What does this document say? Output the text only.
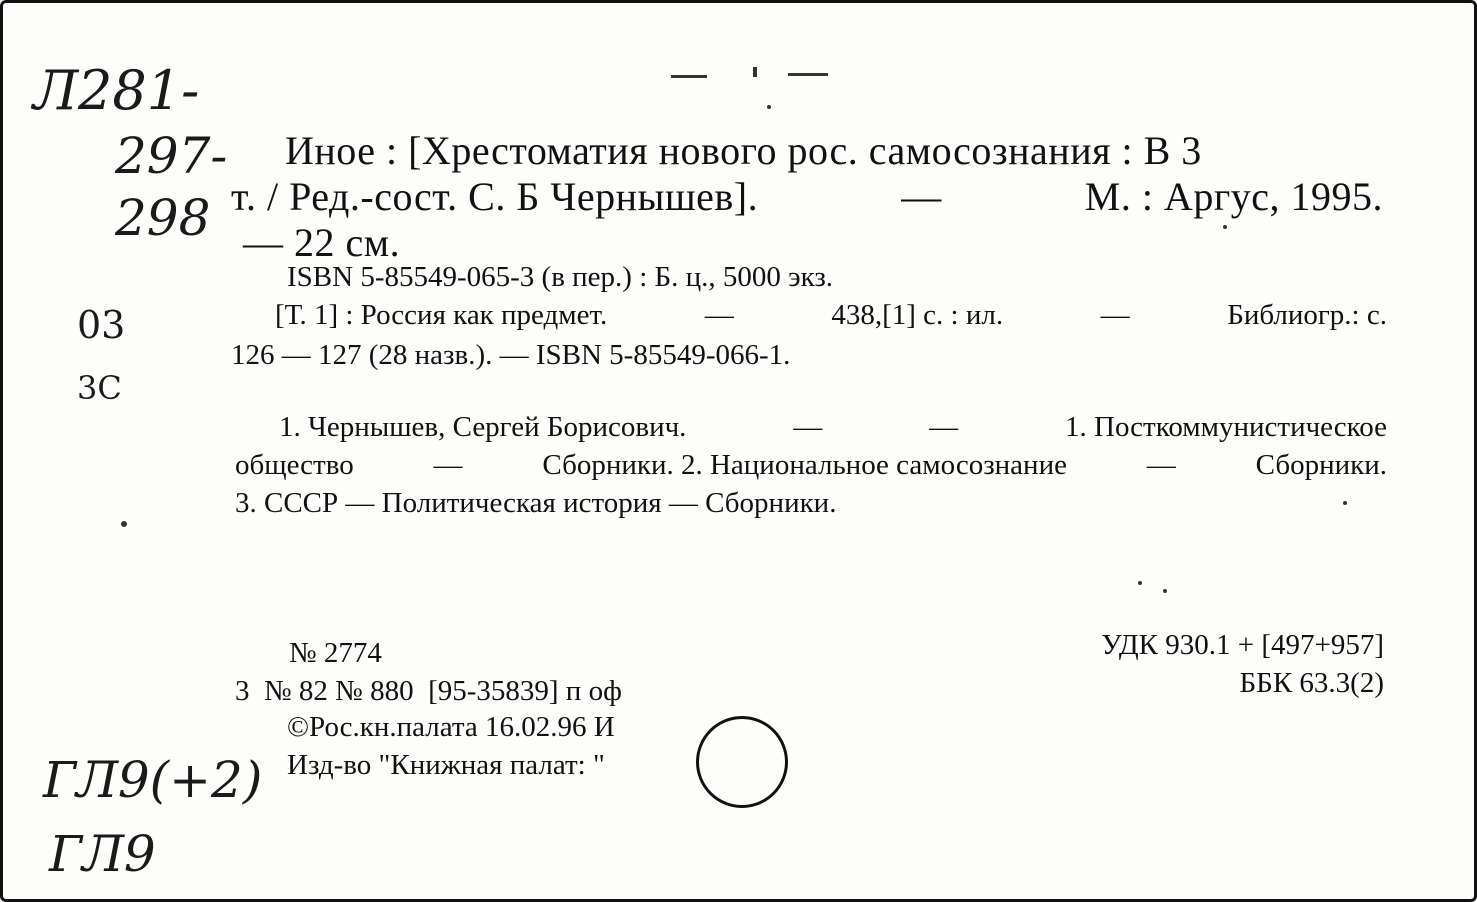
Л281-
297-
298
03
3C
ГЛ9(+2)
ГЛ9
Иное : [Хрестоматия нового рос. самосознания : В 3
т. / Ред.-сост. С. Б Чернышев].	—	М. : Аргус, 1995.
— 22 см.
ISBN 5-85549-065-3 (в пер.) : Б. ц., 5000 экз.
[Т. 1] : Россия как предмет.	—	438,[1] с. : ил.	—	Библиогр.: с.
126 — 127 (28 назв.). — ISBN 5-85549-066-1.
1. Чернышев, Сергей Борисович.	—	—	1. Посткоммунистическое
общество	—	Сборники. 2. Национальное самосознание	—	Сборники.
3. СССР — Политическая история — Сборники.
№ 2774
3  № 82 № 880  [95-35839] п оф
©Рос.кн.палата 16.02.96 И
Изд-во "Книжная палат: "
УДК 930.1 + [497+957]
ББК 63.3(2)
